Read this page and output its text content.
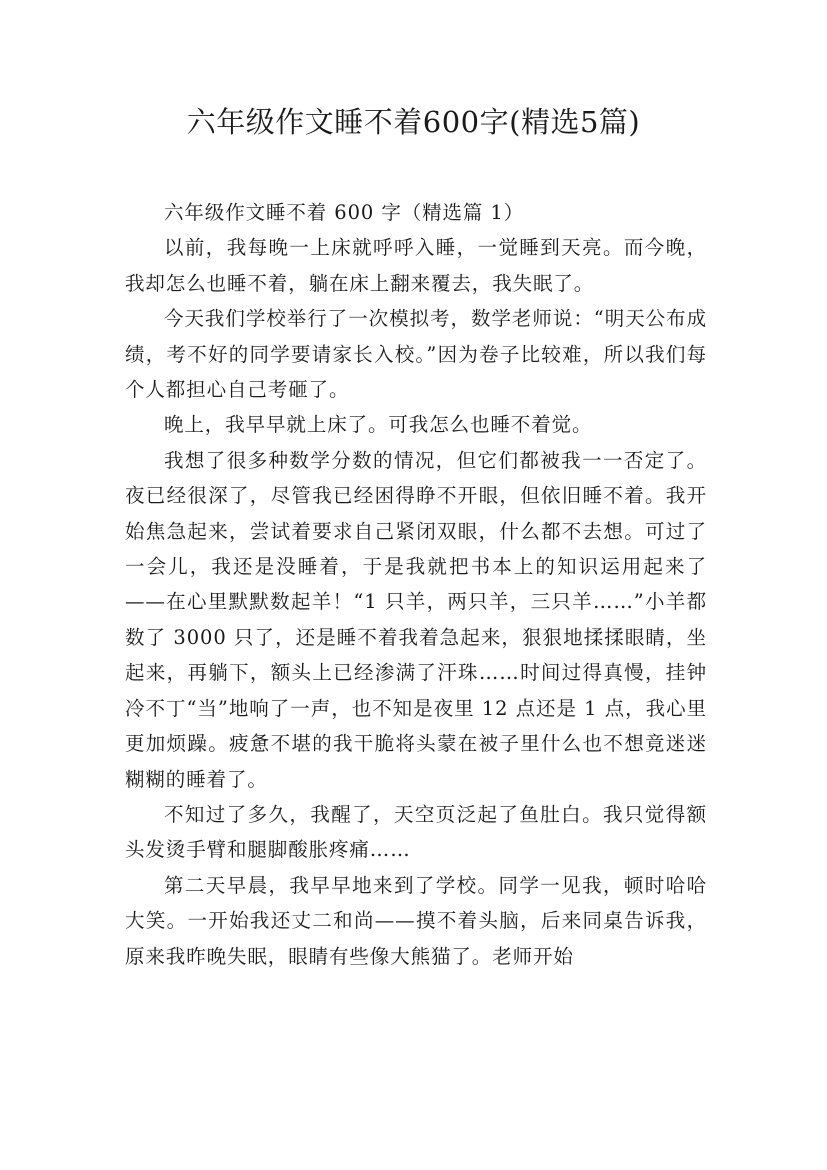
六年级作文睡不着600字(精选5篇)

六年级作文睡不着 600 字（精选篇 1）

以前，我每晚一上床就呼呼入睡，一觉睡到天亮。而今晚，我却怎么也睡不着，躺在床上翻来覆去，我失眠了。

今天我们学校举行了一次模拟考，数学老师说：“明天公布成绩，考不好的同学要请家长入校。”因为卷子比较难，所以我们每个人都担心自己考砸了。

晚上，我早早就上床了。可我怎么也睡不着觉。

我想了很多种数学分数的情况，但它们都被我一一否定了。夜已经很深了，尽管我已经困得睁不开眼，但依旧睡不着。我开始焦急起来，尝试着要求自己紧闭双眼，什么都不去想。可过了一会儿，我还是没睡着，于是我就把书本上的知识运用起来了——在心里默默数起羊！“1 只羊，两只羊，三只羊……”小羊都数了 3000 只了，还是睡不着我着急起来，狠狠地揉揉眼睛，坐起来，再躺下，额头上已经渗满了汗珠……时间过得真慢，挂钟冷不丁“当”地响了一声，也不知是夜里 12 点还是 1 点，我心里更加烦躁。疲惫不堪的我干脆将头蒙在被子里什么也不想竟迷迷糊糊的睡着了。

不知过了多久，我醒了，天空页泛起了鱼肚白。我只觉得额头发烫手臂和腿脚酸胀疼痛……

第二天早晨，我早早地来到了学校。同学一见我，顿时哈哈大笑。一开始我还丈二和尚——摸不着头脑，后来同桌告诉我，原来我昨晚失眠，眼睛有些像大熊猫了。老师开始
